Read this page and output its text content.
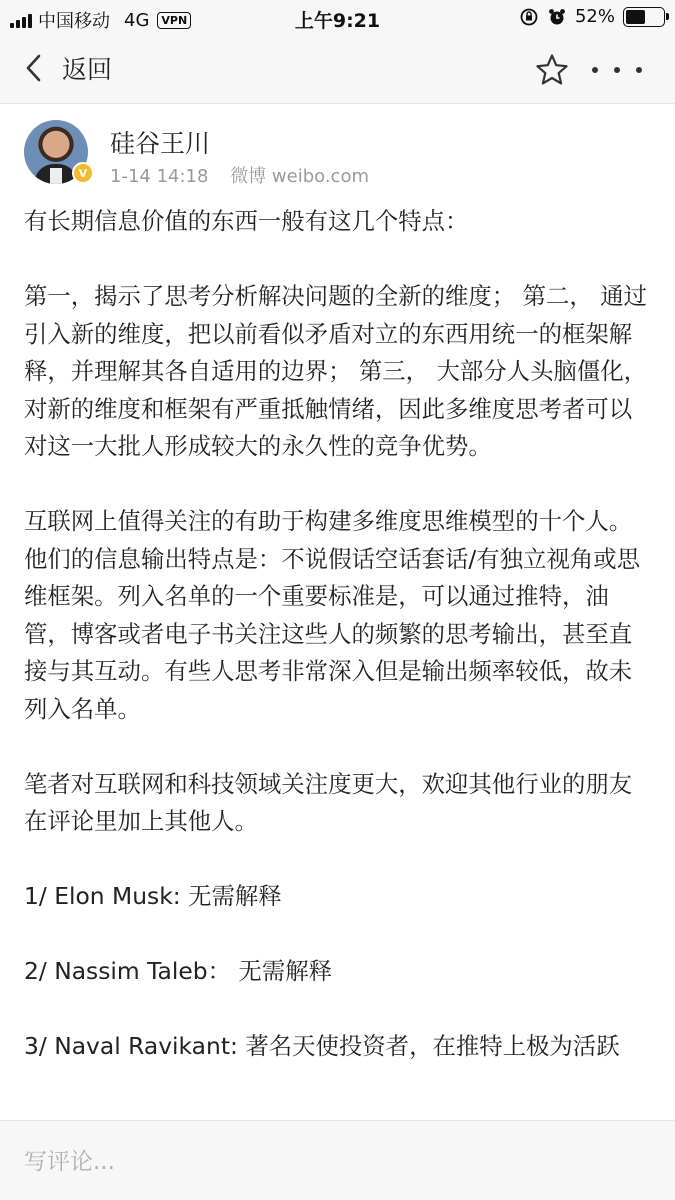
中国移动 4G	VPN	上午9:21	52%
返回
V
硅谷王川
1-14 14:18 微博 weibo.com

有长期信息价值的东西一般有这几个特点：

第一，揭示了思考分析解决问题的全新的维度； 第二， 通过引入新的维度，把以前看似矛盾对立的东西用统一的框架解释，并理解其各自适用的边界； 第三， 大部分人头脑僵化，对新的维度和框架有严重抵触情绪，因此多维度思考者可以对这一大批人形成较大的永久性的竞争优势。

互联网上值得关注的有助于构建多维度思维模型的十个人。他们的信息输出特点是：不说假话空话套话/有独立视角或思维框架。列入名单的一个重要标准是，可以通过推特，油管，博客或者电子书关注这些人的频繁的思考输出，甚至直接与其互动。有些人思考非常深入但是输出频率较低，故未列入名单。

笔者对互联网和科技领域关注度更大，欢迎其他行业的朋友在评论里加上其他人。

1/ Elon Musk: 无需解释

2/ Nassim Taleb： 无需解释

3/ Naval Ravikant: 著名天使投资者，在推特上极为活跃

写评论...
